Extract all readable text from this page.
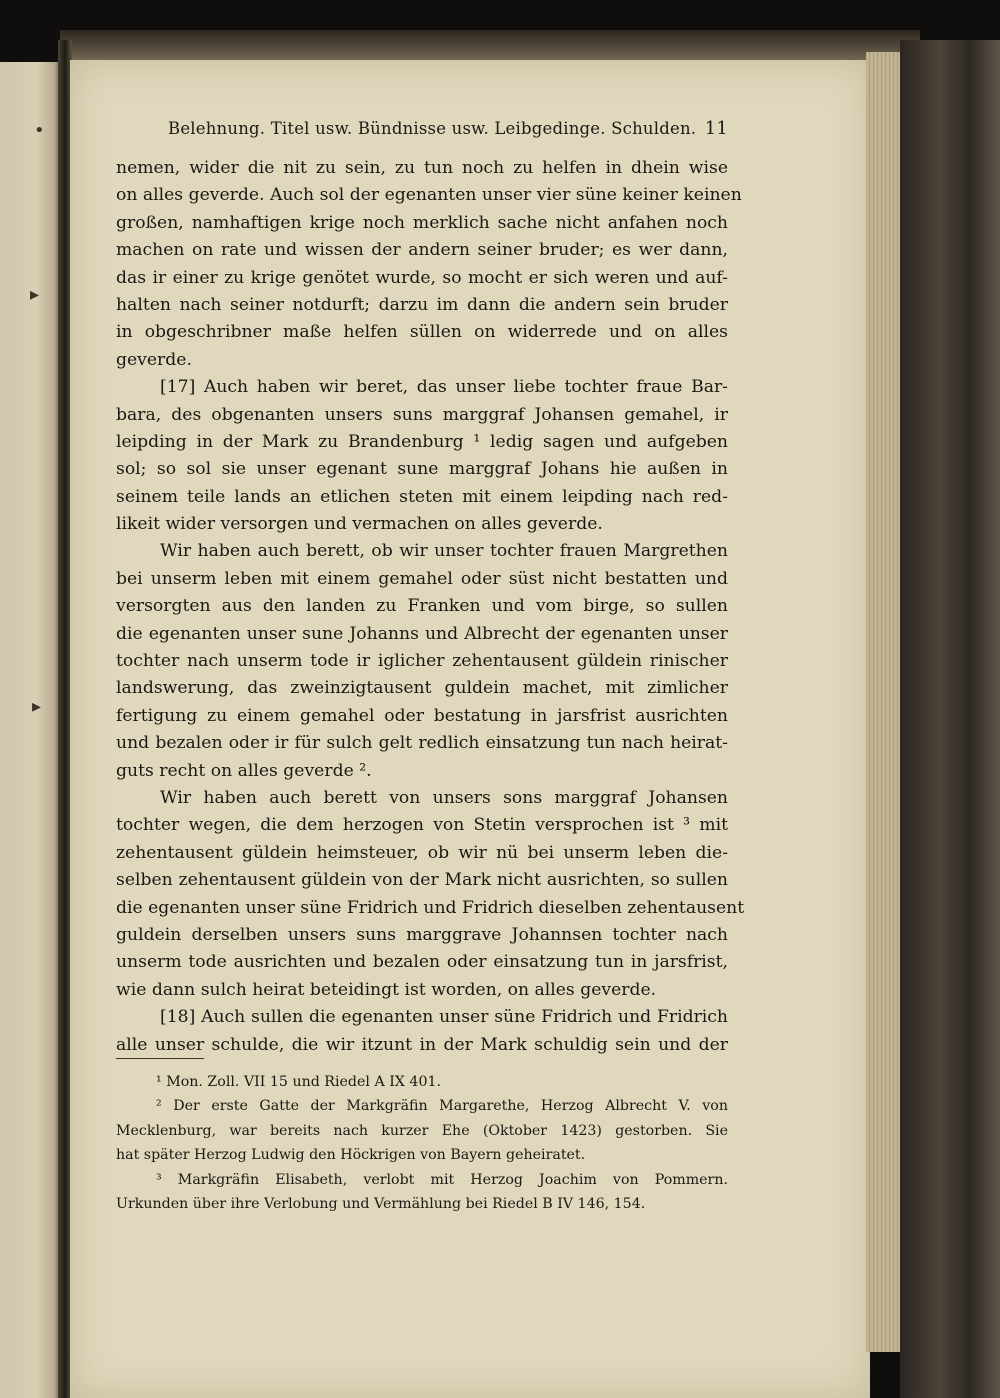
•
▸
▸
Belehnung. Titel usw. Bündnisse usw. Leibgedinge. Schulden. 11
nemen, wider die nit zu sein, zu tun noch zu helfen in dhein wise
on alles geverde. Auch sol der egenanten unser vier süne keiner keinen
großen, namhaftigen krige noch merklich sache nicht anfahen noch
machen on rate und wissen der andern seiner bruder; es wer dann,
das ir einer zu krige genötet wurde, so mocht er sich weren und auf-
halten nach seiner notdurft; darzu im dann die andern sein bruder
in obgeschribner maße helfen süllen on widerrede und on alles
geverde.
[17] Auch haben wir beret, das unser liebe tochter fraue Bar-
bara, des obgenanten unsers suns marggraf Johansen gemahel, ir
leipding in der Mark zu Brandenburg ¹ ledig sagen und aufgeben
sol; so sol sie unser egenant sune marggraf Johans hie außen in
seinem teile lands an etlichen steten mit einem leipding nach red-
likeit wider versorgen und vermachen on alles geverde.
Wir haben auch berett, ob wir unser tochter frauen Margrethen
bei unserm leben mit einem gemahel oder süst nicht bestatten und
versorgten aus den landen zu Franken und vom birge, so sullen
die egenanten unser sune Johanns und Albrecht der egenanten unser
tochter nach unserm tode ir iglicher zehentausent güldein rinischer
landswerung, das zweinzigtausent guldein machet, mit zimlicher
fertigung zu einem gemahel oder bestatung in jarsfrist ausrichten
und bezalen oder ir für sulch gelt redlich einsatzung tun nach heirat-
guts recht on alles geverde ².
Wir haben auch berett von unsers sons marggraf Johansen
tochter wegen, die dem herzogen von Stetin versprochen ist ³ mit
zehentausent güldein heimsteuer, ob wir nü bei unserm leben die-
selben zehentausent güldein von der Mark nicht ausrichten, so sullen
die egenanten unser süne Fridrich und Fridrich dieselben zehentausent
guldein derselben unsers suns marggrave Johannsen tochter nach
unserm tode ausrichten und bezalen oder einsatzung tun in jarsfrist,
wie dann sulch heirat beteidingt ist worden, on alles geverde.
[18] Auch sullen die egenanten unser süne Fridrich und Fridrich
alle unser schulde, die wir itzunt in der Mark schuldig sein und der
¹ Mon. Zoll. VII 15 und Riedel A IX 401.
² Der erste Gatte der Markgräfin Margarethe, Herzog Albrecht V. von
Mecklenburg, war bereits nach kurzer Ehe (Oktober 1423) gestorben. Sie
hat später Herzog Ludwig den Höckrigen von Bayern geheiratet.
³ Markgräfin Elisabeth, verlobt mit Herzog Joachim von Pommern.
Urkunden über ihre Verlobung und Vermählung bei Riedel B IV 146, 154.
